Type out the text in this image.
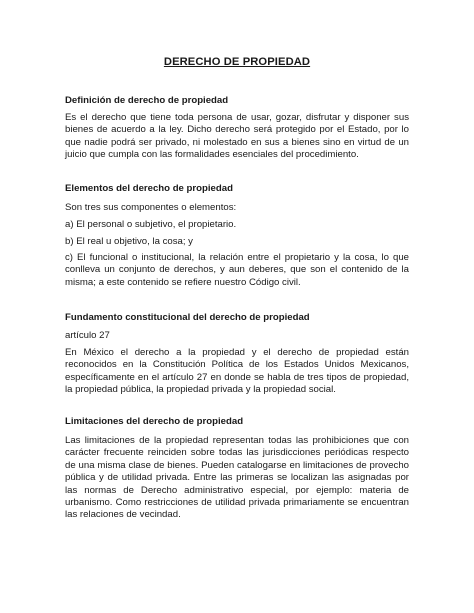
DERECHO DE PROPIEDAD
Definición de derecho de propiedad
Es el derecho que tiene toda persona de usar, gozar, disfrutar y disponer sus bienes de acuerdo a la ley. Dicho derecho será protegido por el Estado, por lo que nadie podrá ser privado, ni molestado en sus a bienes sino en virtud de un juicio que cumpla con las formalidades esenciales del procedimiento.
Elementos del derecho de propiedad
Son tres sus componentes o elementos:
a) El personal o subjetivo, el propietario.
b) El real u objetivo, la cosa; y
c) El funcional o institucional, la relación entre el propietario y la cosa, lo que conlleva un conjunto de derechos, y aun deberes, que son el contenido de la misma; a este contenido se refiere nuestro Código civil.
Fundamento constitucional del derecho de propiedad
artículo 27
En México el derecho a la propiedad y el derecho de propiedad están reconocidos en la Constitución Política de los Estados Unidos Mexicanos, específicamente en el artículo 27 en donde se habla de tres tipos de propiedad, la propiedad pública, la propiedad privada y la propiedad social.
Limitaciones del derecho de propiedad
Las limitaciones de la propiedad representan todas las prohibiciones que con carácter frecuente reinciden sobre todas las jurisdicciones periódicas respecto de una misma clase de bienes. Pueden catalogarse en limitaciones de provecho pública y de utilidad privada. Entre las primeras se localizan las asignadas por las normas de Derecho administrativo especial, por ejemplo: materia de urbanismo. Como restricciones de utilidad privada primariamente se encuentran las relaciones de vecindad.
